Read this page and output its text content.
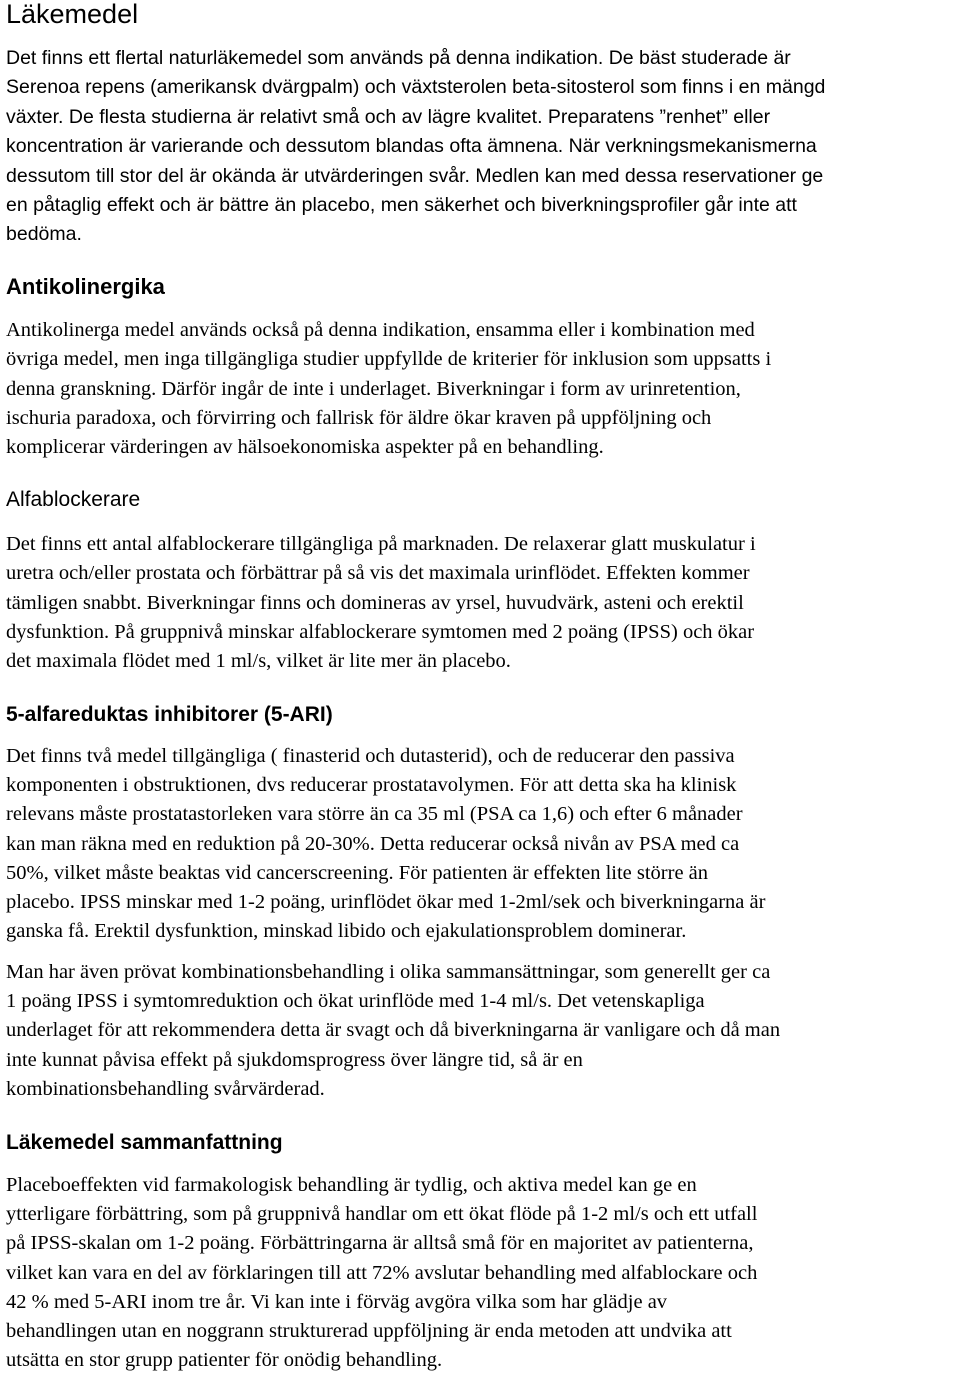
Läkemedel
Det finns ett flertal naturläkemedel som används på denna indikation. De bäst studerade är
Serenoa repens (amerikansk dvärgpalm) och växtsterolen beta-sitosterol som finns i en mängd
växter. De flesta studierna är relativt små och av lägre kvalitet. Preparatens ”renhet” eller
koncentration är varierande och dessutom blandas ofta ämnena. När verkningsmekanismerna
dessutom till stor del är okända är utvärderingen svår. Medlen kan med dessa reservationer ge
en påtaglig effekt och är bättre än placebo, men säkerhet och biverkningsprofiler går inte att
bedöma.
Antikolinergika
Antikolinerga medel används också på denna indikation, ensamma eller i kombination med
övriga medel, men inga tillgängliga studier uppfyllde de kriterier för inklusion som uppsatts i
denna granskning. Därför ingår de inte i underlaget. Biverkningar i form av urinretention,
ischuria paradoxa, och förvirring och fallrisk för äldre ökar kraven på uppföljning och
komplicerar värderingen av hälsoekonomiska aspekter på en behandling.
Alfablockerare
Det finns ett antal alfablockerare tillgängliga på marknaden. De relaxerar glatt muskulatur i
uretra och/eller prostata och förbättrar på så vis det maximala urinflödet. Effekten kommer
tämligen snabbt. Biverkningar finns och domineras av yrsel, huvudvärk, asteni och erektil
dysfunktion. På gruppnivå minskar alfablockerare symtomen med 2 poäng (IPSS) och ökar
det maximala flödet med 1 ml/s, vilket är lite mer än placebo.
5-alfareduktas inhibitorer (5-ARI)
Det finns två medel tillgängliga ( finasterid och dutasterid), och de reducerar den passiva
komponenten i obstruktionen, dvs reducerar prostatavolymen. För att detta ska ha klinisk
relevans måste prostatastorleken vara större än ca 35 ml (PSA ca 1,6) och efter 6 månader
kan man räkna med en reduktion på 20-30%. Detta reducerar också nivån av PSA med ca
50%, vilket måste beaktas vid cancerscreening. För patienten är effekten lite större än
placebo. IPSS minskar med 1-2 poäng, urinflödet ökar med 1-2ml/sek och biverkningarna är
ganska få. Erektil dysfunktion, minskad libido och ejakulationsproblem dominerar.
Man har även prövat kombinationsbehandling i olika sammansättningar, som generellt ger ca
1 poäng IPSS i symtomreduktion och ökat urinflöde med 1-4 ml/s. Det vetenskapliga
underlaget för att rekommendera detta är svagt och då biverkningarna är vanligare och då man
inte kunnat påvisa effekt på sjukdomsprogress över längre tid, så är en
kombinationsbehandling svårvärderad.
Läkemedel sammanfattning
Placeboeffekten vid farmakologisk behandling är tydlig, och aktiva medel kan ge en
ytterligare förbättring, som på gruppnivå handlar om ett ökat flöde på 1-2 ml/s och ett utfall
på IPSS-skalan om 1-2 poäng. Förbättringarna är alltså små för en majoritet av patienterna,
vilket kan vara en del av förklaringen till att 72% avslutar behandling med alfablockare och
42 % med 5-ARI inom tre år. Vi kan inte i förväg avgöra vilka som har glädje av
behandlingen utan en noggrann strukturerad uppföljning är enda metoden att undvika att
utsätta en stor grupp patienter för onödig behandling.
